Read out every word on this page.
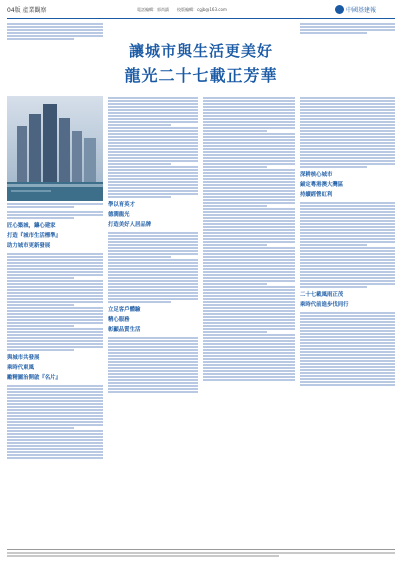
04版 產業觀察	電話編輯：郭尚鎮　　校版編輯：cgjb@163.com	中國基建報
讓城市與生活更美好
龍光二十七載正芳華
匠心築城，鑄心建家
打造『城市生活標準』
助力城市更新發展
與城市共發展
乘時代東風
勵精圖治開啟『名片』
學以育英才
德潤龍光
打造美好人居品牌
立足客戶體驗
精心服務
彰顯品質生活
深耕核心城市
錨定粵港澳大灣區
持續經營紅利
二十七載風雨正茂
乘時代前進步伐同行
